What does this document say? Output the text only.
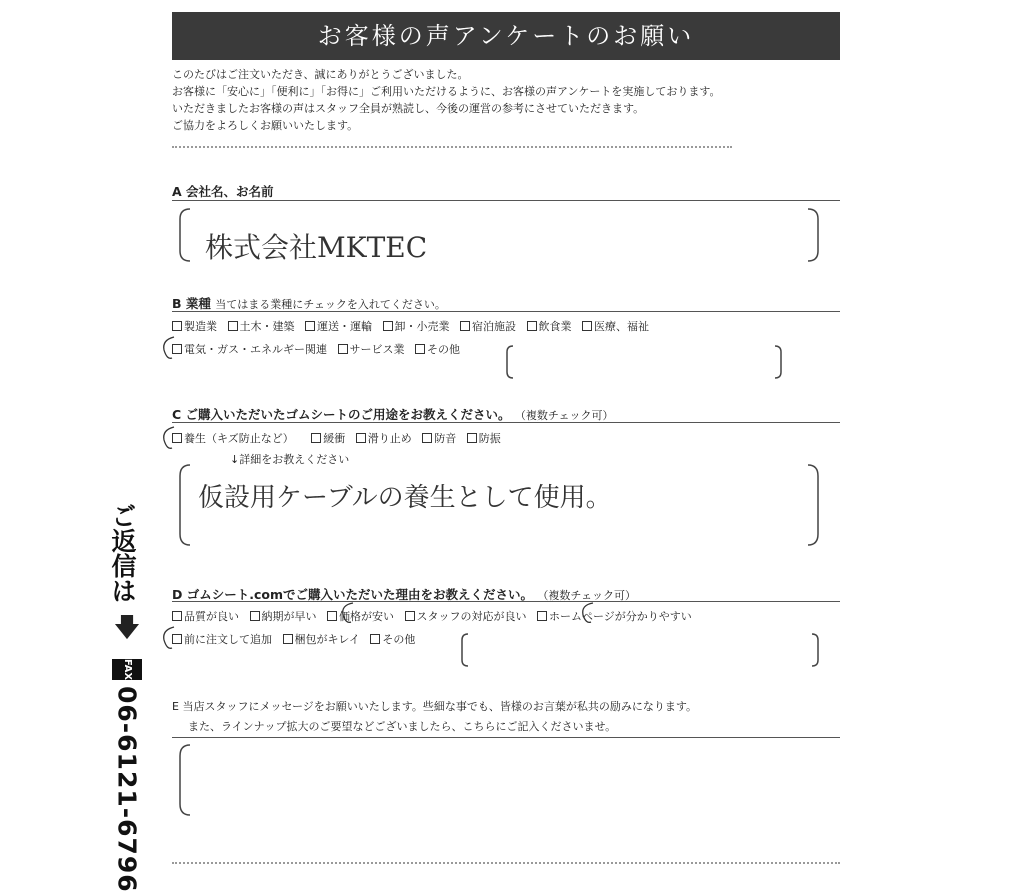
お客様の声アンケートのお願い
このたびはご注文いただき、誠にありがとうございました。
お客様に「安心に」「便利に」「お得に」ご利用いただけるように、お客様の声アンケートを実施しております。
いただきましたお客様の声はスタッフ全員が熟読し、今後の運営の参考にさせていただきます。
ご協力をよろしくお願いいたします。
A 会社名、お名前
株式会社MKTEC
B 業種 当てはまる業種にチェックを入れてください。
製造業 土木・建築 運送・運輸 卸・小売業 宿泊施設 飲食業 医療、福祉
電気・ガス・エネルギー関連 サービス業 その他
C ご購入いただいたゴムシートのご用途をお教えください。 （複数チェック可）
養生（キズ防止など）	緩衝 滑り止め 防音 防振
↓詳細をお教えください
仮設用ケーブルの養生として使用。
D ゴムシート.comでご購入いただいた理由をお教えください。 （複数チェック可）
品質が良い 納期が早い 価格が安い スタッフの対応が良い ホームページが分かりやすい
前に注文して追加 梱包がキレイ その他
E 当店スタッフにメッセージをお願いいたします。些細な事でも、皆様のお言葉が私共の励みになります。
また、ラインナップ拡大のご要望などございましたら、こちらにご記入くださいませ。
ご返信は
🡇
FAX
06-6121-6796
